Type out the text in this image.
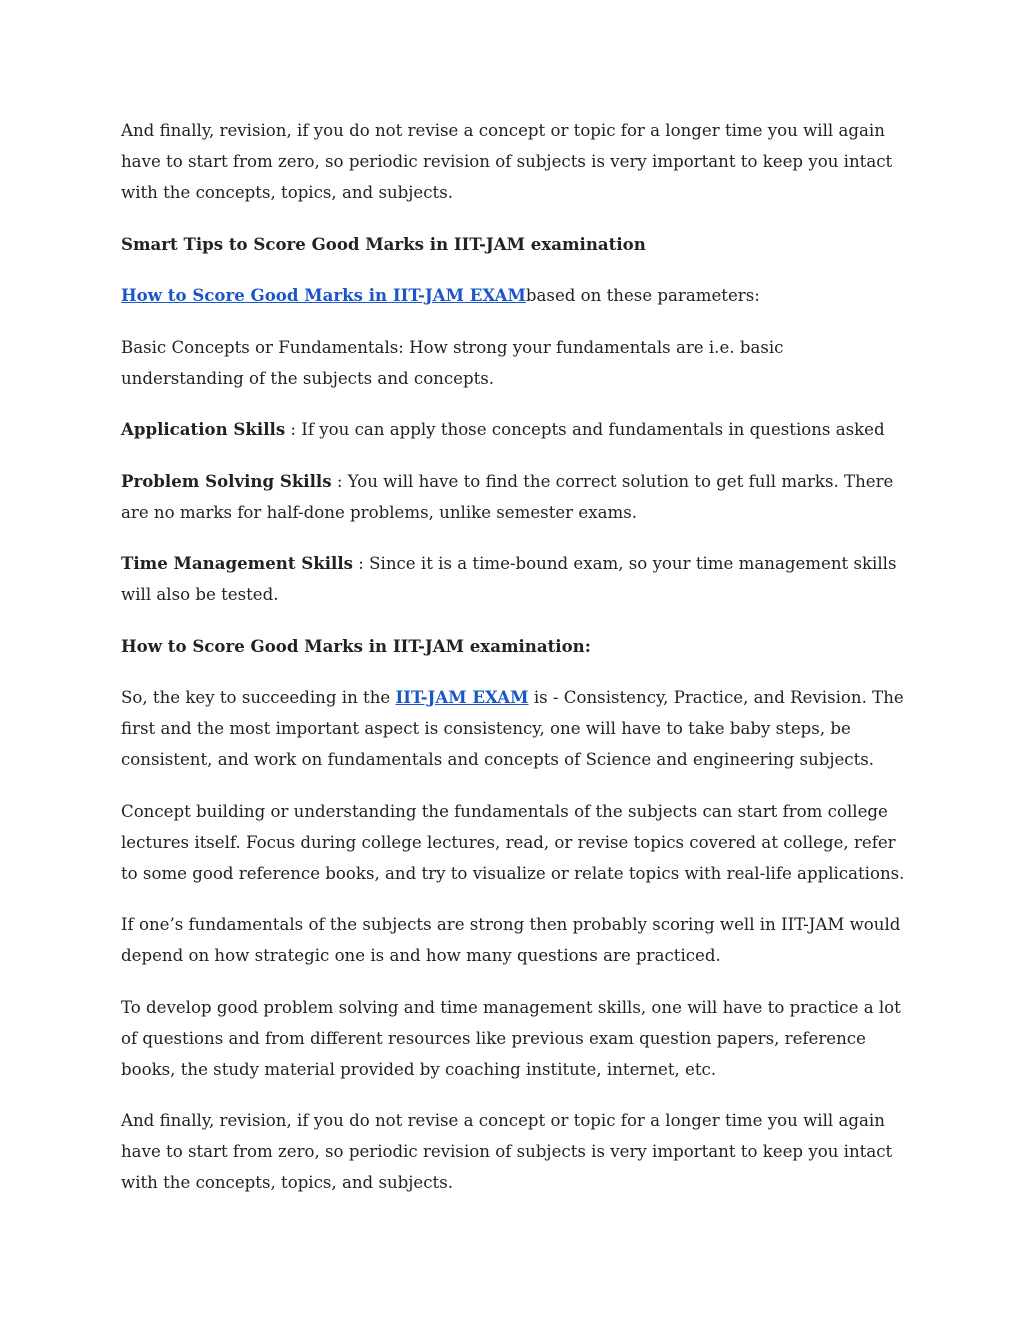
And finally, revision, if you do not revise a concept or topic for a longer time you will again have to start from zero, so periodic revision of subjects is very important to keep you intact with the concepts, topics, and subjects.

Smart Tips to Score Good Marks in IIT-JAM examination

How to Score Good Marks in IIT-JAM EXAMbased on these parameters:

Basic Concepts or Fundamentals: How strong your fundamentals are i.e. basic understanding of the subjects and concepts.

Application Skills : If you can apply those concepts and fundamentals in questions asked

Problem Solving Skills : You will have to find the correct solution to get full marks. There are no marks for half-done problems, unlike semester exams.

Time Management Skills : Since it is a time-bound exam, so your time management skills will also be tested.

How to Score Good Marks in IIT-JAM examination:

So, the key to succeeding in the IIT-JAM EXAM is - Consistency, Practice, and Revision. The first and the most important aspect is consistency, one will have to take baby steps, be consistent, and work on fundamentals and concepts of Science and engineering subjects.

Concept building or understanding the fundamentals of the subjects can start from college lectures itself. Focus during college lectures, read, or revise topics covered at college, refer to some good reference books, and try to visualize or relate topics with real-life applications.

If one’s fundamentals of the subjects are strong then probably scoring well in IIT-JAM would depend on how strategic one is and how many questions are practiced.

To develop good problem solving and time management skills, one will have to practice a lot of questions and from different resources like previous exam question papers, reference books, the study material provided by coaching institute, internet, etc.

And finally, revision, if you do not revise a concept or topic for a longer time you will again have to start from zero, so periodic revision of subjects is very important to keep you intact with the concepts, topics, and subjects.
